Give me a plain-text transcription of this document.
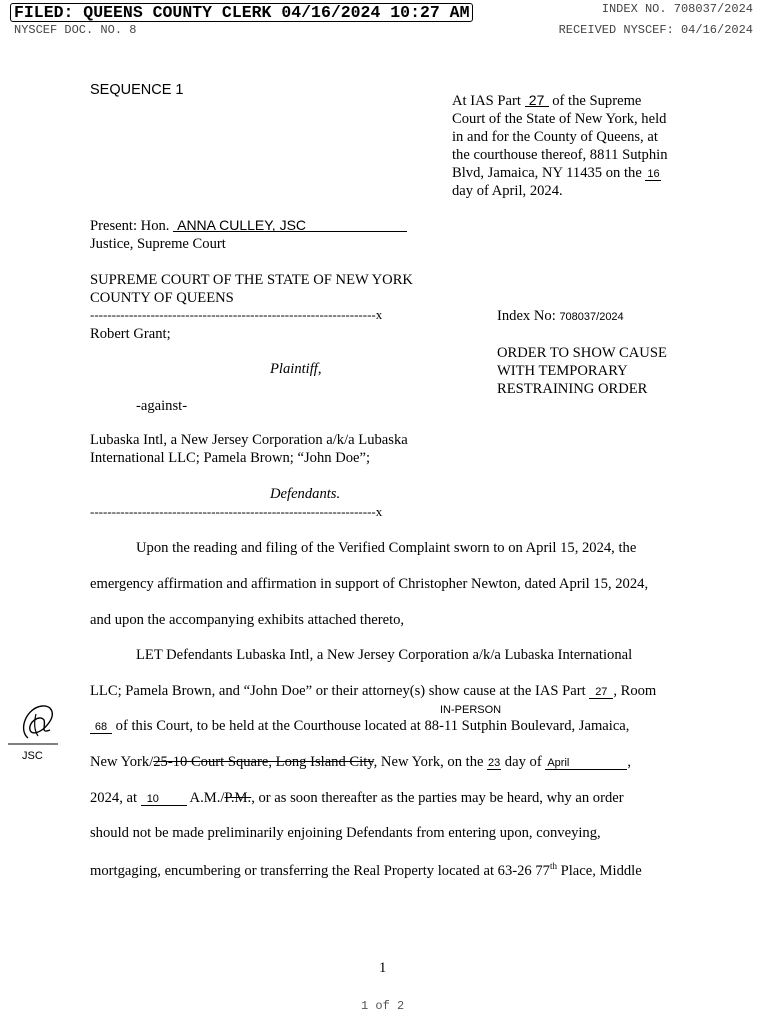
FILED: QUEENS COUNTY CLERK 04/16/2024 10:27 AM
NYSCEF DOC. NO. 8
INDEX NO. 708037/2024
RECEIVED NYSCEF: 04/16/2024
SEQUENCE 1
At IAS Part 27 of the Supreme
Court of the State of New York, held
in and for the County of Queens, at
the courthouse thereof, 8811 Sutphin
Blvd, Jamaica, NY 11435 on the 16
day of April, 2024.
Present: Hon. ANNA CULLEY, JSC
Justice, Supreme Court
SUPREME COURT OF THE STATE OF NEW YORK
COUNTY OF QUEENS
------------------------------------------------------------------x
Robert Grant;
Plaintiff,
-against-
Lubaska Intl, a New Jersey Corporation a/k/a Lubaska
International LLC; Pamela Brown; “John Doe”;
Defendants.
------------------------------------------------------------------x
Index No: 708037/2024
ORDER TO SHOW CAUSE
WITH TEMPORARY
RESTRAINING ORDER
Upon the reading and filing of the Verified Complaint sworn to on April 15, 2024, the
emergency affirmation and affirmation in support of Christopher Newton, dated April 15, 2024,
and upon the accompanying exhibits attached thereto,
LET Defendants Lubaska Intl, a New Jersey Corporation a/k/a Lubaska International
LLC; Pamela Brown, and “John Doe” or their attorney(s) show cause at the IAS Part 27 , Room
IN-PERSON
68 of this Court, to be held at the Courthouse located at 88-11 Sutphin Boulevard, Jamaica,
New York/25-10 Court Square, Long Island City, New York, on the 23 day of April	,
2024, at 10 A.M./P.M., or as soon thereafter as the parties may be heard, why an order
should not be made preliminarily enjoining Defendants from entering upon, conveying,
mortgaging, encumbering or transferring the Real Property located at 63-26 77th Place, Middle
JSC
1
1 of 2
